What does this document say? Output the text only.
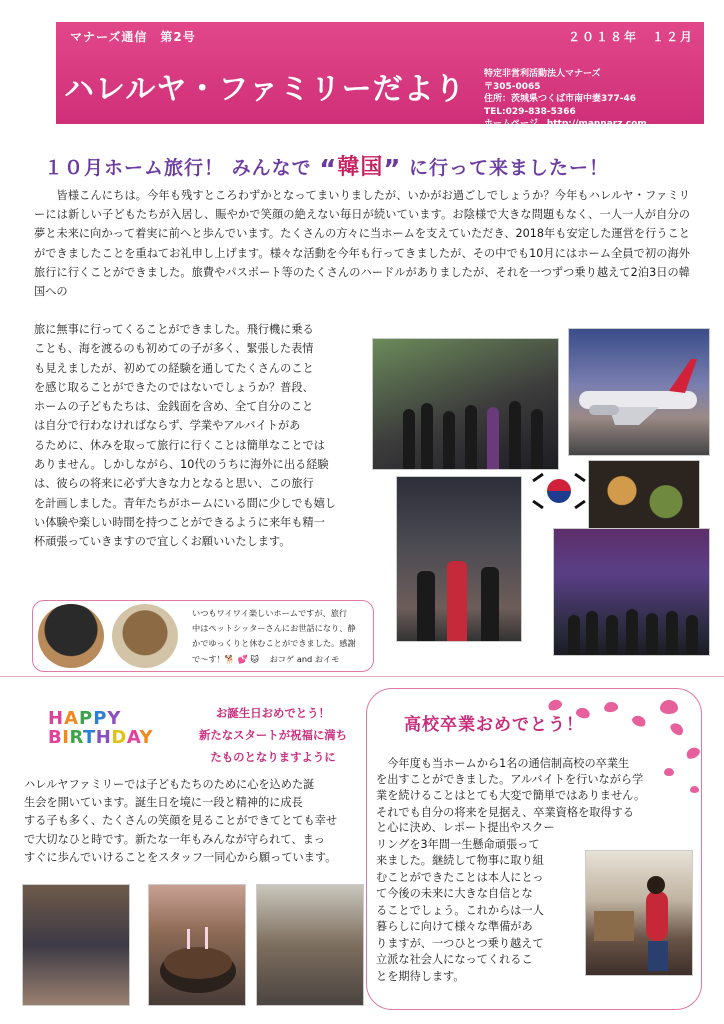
マナーズ通信　第2号	２０１８年　１２月
ハレルヤ・ファミリーだより 特定非営利活動法人マナーズ
〒305-0065
住所：茨城県つくば市南中妻377-46
TEL:029-838-5366
ホームページ　http://mannarz.com
１０月ホーム旅行！ みんなで “韓国” に行って来ましたー！
皆様こんにちは。今年も残すところわずかとなってまいりましたが、いかがお過ごしでしょうか？今年もハレルヤ・ファミリーには新しい子どもたちが入居し、賑やかで笑顔の絶えない毎日が続いています。お陰様で大きな問題もなく、一人一人が自分の夢と未来に向かって着実に前へと歩んでいます。たくさんの方々に当ホームを支えていただき、2018年も安定した運営を行うことができましたことを重ねてお礼申し上げます。様々な活動を今年も行ってきましたが、その中でも10月にはホーム全員で初の海外旅行に行くことができました。旅費やパスポート等のたくさんのハードルがありましたが、それを一つずつ乗り越えて2泊3日の韓国への
旅に無事に行ってくることができました。飛行機に乗る
ことも、海を渡るのも初めての子が多く、緊張した表情
も見えましたが、初めての経験を通してたくさんのこと
を感じ取ることができたのではないでしょうか？普段、
ホームの子どもたちは、金銭面を含め、全て自分のこと
は自分で行わなければならず、学業やアルバイトがあ
るために、休みを取って旅行に行くことは簡単なことでは
ありません。しかしながら、10代のうちに海外に出る経験
は、彼らの将来に必ず大きな力となると思い、この旅行
を計画しました。青年たちがホームにいる間に少しでも嬉し
い体験や楽しい時間を持つことができるように来年も精一
杯頑張っていきますので宜しくお願いいたします。
いつもワイワイ楽しいホームですが、旅行
中はペットシッターさんにお世話になり、静
かでゆっくりと休むことができました。感謝
で～す！🐕 💕 🐱 　おコゲ and おイモ
HAPPY
BIRTHDAY
お誕生日おめでとう！
新たなスタートが祝福に満ち
たものとなりますように
ハレルヤファミリーでは子どもたちのために心を込めた誕
生会を開いています。誕生日を境に一段と精神的に成長
する子も多く、たくさんの笑顔を見ることができてとても幸せ
で大切なひと時です。新たな一年もみんなが守られて、まっ
すぐに歩んでいけることをスタッフ一同心から願っています。
高校卒業おめでとう！
今年度も当ホームから1名の通信制高校の卒業生
を出すことができました。アルバイトを行いながら学
業を続けることはとても大変で簡単ではありません。
それでも自分の将来を見据え、卒業資格を取得する
と心に決め、レポート提出やスクー
リングを3年間一生懸命頑張って
来ました。継続して物事に取り組
むことができたことは本人にとっ
て今後の未来に大きな自信とな
ることでしょう。これからは一人
暮らしに向けて様々な準備があ
りますが、一つひとつ乗り越えて
立派な社会人になってくれるこ
とを期待します。
